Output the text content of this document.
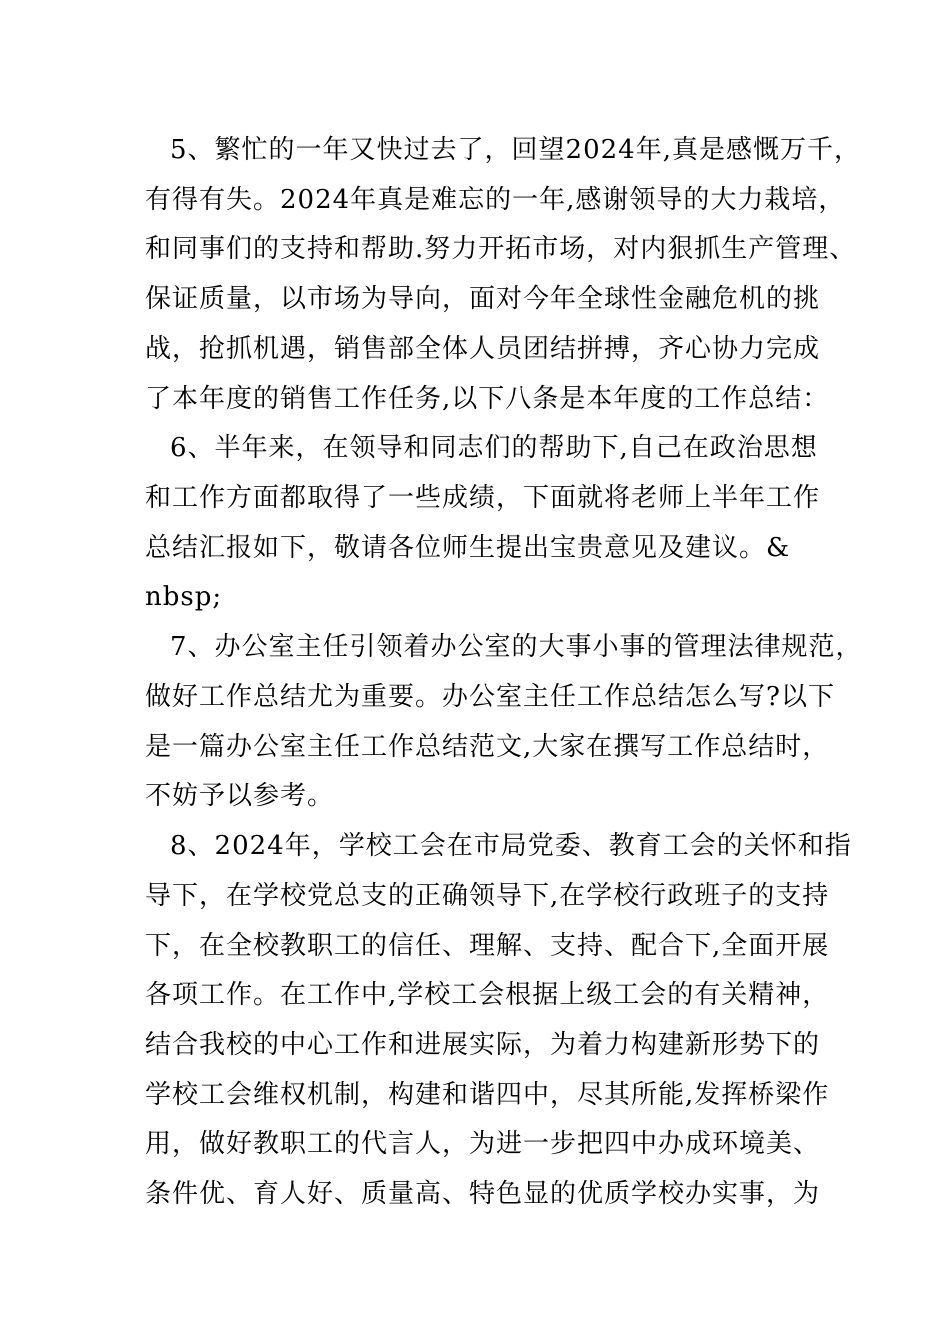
5、繁忙的一年又快过去了，回望2024年,真是感慨万千，
有得有失。2024年真是难忘的一年,感谢领导的大力栽培，
和同事们的支持和帮助.努力开拓市场，对内狠抓生产管理、
保证质量，以市场为导向，面对今年全球性金融危机的挑
战，抢抓机遇，销售部全体人员团结拼搏，齐心协力完成
了本年度的销售工作任务,以下八条是本年度的工作总结：
6、半年来，在领导和同志们的帮助下,自己在政治思想
和工作方面都取得了一些成绩，下面就将老师上半年工作
总结汇报如下，敬请各位师生提出宝贵意见及建议。&
nbsp;
7、办公室主任引领着办公室的大事小事的管理法律规范，
做好工作总结尤为重要。办公室主任工作总结怎么写?以下
是一篇办公室主任工作总结范文,大家在撰写工作总结时，
不妨予以参考。
8、2024年，学校工会在市局党委、教育工会的关怀和指
导下，在学校党总支的正确领导下,在学校行政班子的支持
下，在全校教职工的信任、理解、支持、配合下,全面开展
各项工作。在工作中,学校工会根据上级工会的有关精神，
结合我校的中心工作和进展实际，为着力构建新形势下的
学校工会维权机制，构建和谐四中，尽其所能,发挥桥梁作
用，做好教职工的代言人，为进一步把四中办成环境美、
条件优、育人好、质量高、特色显的优质学校办实事，为
